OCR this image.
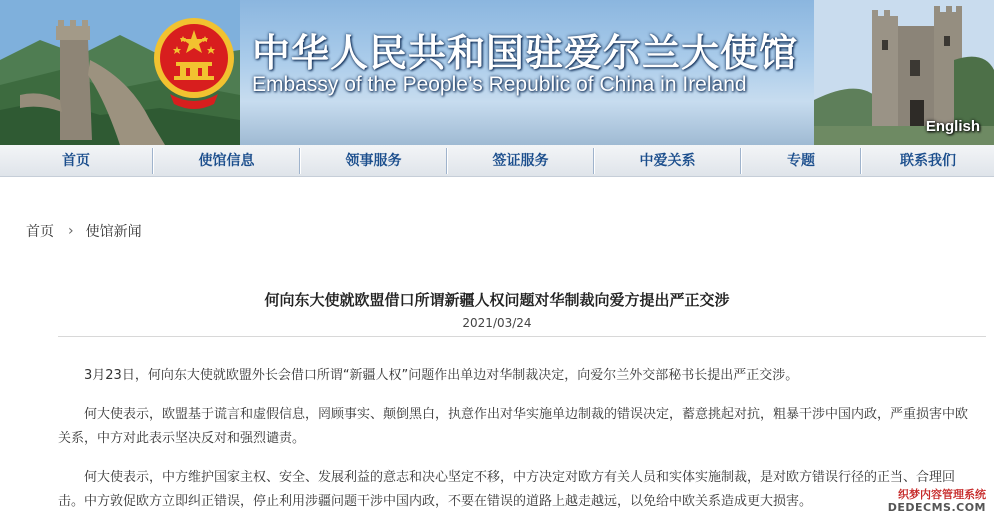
中华人民共和国驻爱尔兰大使馆
Embassy of the People’s Republic of China in Ireland
English
首页	使馆信息	领事服务	签证服务	中爱关系	专题	联系我们
首页 › 使馆新闻
何向东大使就欧盟借口所谓新疆人权问题对华制裁向爱方提出严正交涉
2021/03/24
3月23日，何向东大使就欧盟外长会借口所谓“新疆人权”问题作出单边对华制裁决定，向爱尔兰外交部秘书长提出严正交涉。
何大使表示，欧盟基于谎言和虚假信息，罔顾事实、颠倒黑白，执意作出对华实施单边制裁的错误决定，蓄意挑起对抗，粗暴干涉中国内政，严重损害中欧关系，中方对此表示坚决反对和强烈谴责。
何大使表示，中方维护国家主权、安全、发展利益的意志和决心坚定不移，中方决定对欧方有关人员和实体实施制裁，是对欧方错误行径的正当、合理回击。中方敦促欧方立即纠正错误，停止利用涉疆问题干涉中国内政，不要在错误的道路上越走越远，以免给中欧关系造成更大损害。	织梦内容管理系统
DEDECMS.COM
